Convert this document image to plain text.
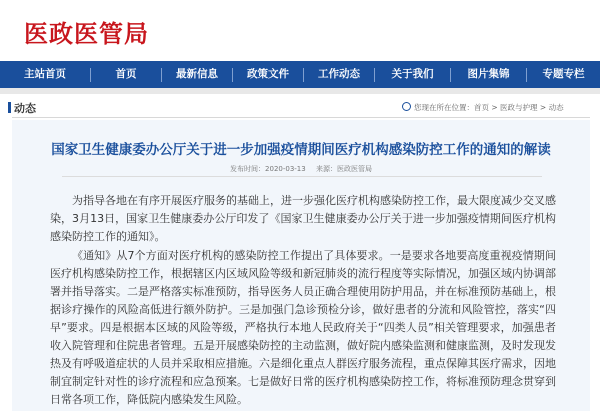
医政医管局
主站首页	首页	最新信息	政策文件	工作动态	关于我们	图片集锦	专题专栏
动态	您现在所在位置：首页 > 医政与护理 > 动态
国家卫生健康委办公厅关于进一步加强疫情期间医疗机构感染防控工作的通知的解读
发布时间：2020-03-13 来源：医政医管局

为指导各地在有序开展医疗服务的基础上，进一步强化医疗机构感染防控工作，最大限度减少交叉感染，3月13日，国家卫生健康委办公厅印发了《国家卫生健康委办公厅关于进一步加强疫情期间医疗机构感染防控工作的通知》。

《通知》从7个方面对医疗机构的感染防控工作提出了具体要求。一是要求各地要高度重视疫情期间医疗机构感染防控工作，根据辖区内区域风险等级和新冠肺炎的流行程度等实际情况，加强区域内协调部署并指导落实。二是严格落实标准预防，指导医务人员正确合理使用防护用品，并在标准预防基础上，根据诊疗操作的风险高低进行额外防护。三是加强门急诊预检分诊，做好患者的分流和风险管控，落实“四早”要求。四是根据本区域的风险等级，严格执行本地人民政府关于“四类人员”相关管理要求，加强患者收入院管理和住院患者管理。五是开展感染防控的主动监测，做好院内感染监测和健康监测，及时发现发热及有呼吸道症状的人员并采取相应措施。六是细化重点人群医疗服务流程，重点保障其医疗需求，因地制宜制定针对性的诊疗流程和应急预案。七是做好日常的医疗机构感染防控工作，将标准预防理念贯穿到日常各项工作，降低院内感染发生风险。
